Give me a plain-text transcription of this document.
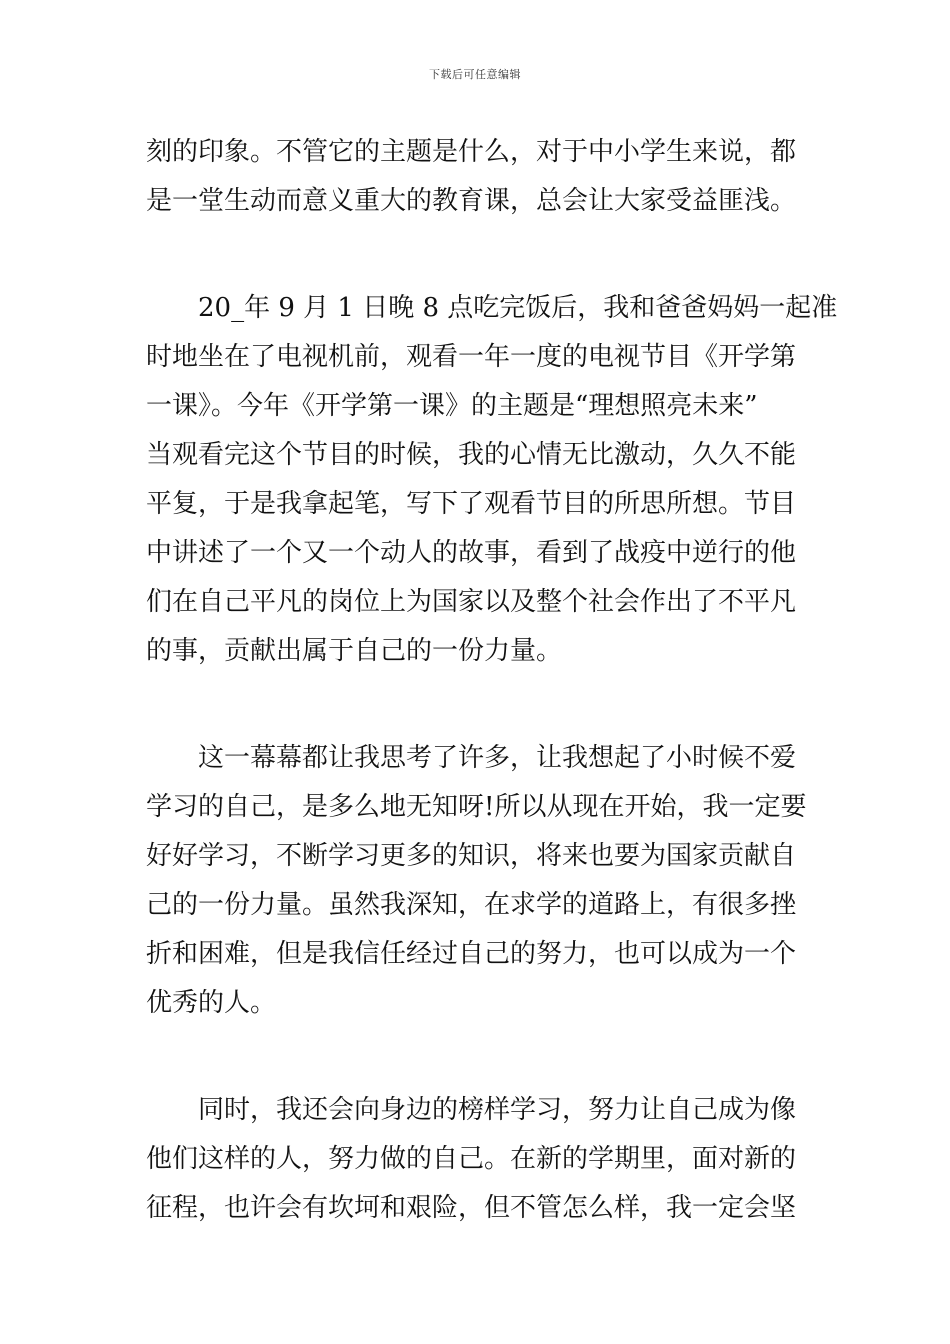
下载后可任意编辑
刻的印象。不管它的主题是什么，对于中小学生来说，都
是一堂生动而意义重大的教育课，总会让大家受益匪浅。
20_年 9 月 1 日晚 8 点吃完饭后，我和爸爸妈妈一起准
时地坐在了电视机前，观看一年一度的电视节目《开学第
一课》。今年《开学第一课》的主题是“理想照亮未来”
当观看完这个节目的时候，我的心情无比激动，久久不能
平复，于是我拿起笔，写下了观看节目的所思所想。节目
中讲述了一个又一个动人的故事，看到了战疫中逆行的他
们在自己平凡的岗位上为国家以及整个社会作出了不平凡
的事，贡献出属于自己的一份力量。
这一幕幕都让我思考了许多，让我想起了小时候不爱
学习的自己，是多么地无知呀!所以从现在开始，我一定要
好好学习，不断学习更多的知识，将来也要为国家贡献自
己的一份力量。虽然我深知，在求学的道路上，有很多挫
折和困难，但是我信任经过自己的努力，也可以成为一个
优秀的人。
同时，我还会向身边的榜样学习，努力让自己成为像
他们这样的人，努力做的自己。在新的学期里，面对新的
征程，也许会有坎坷和艰险，但不管怎么样，我一定会坚
